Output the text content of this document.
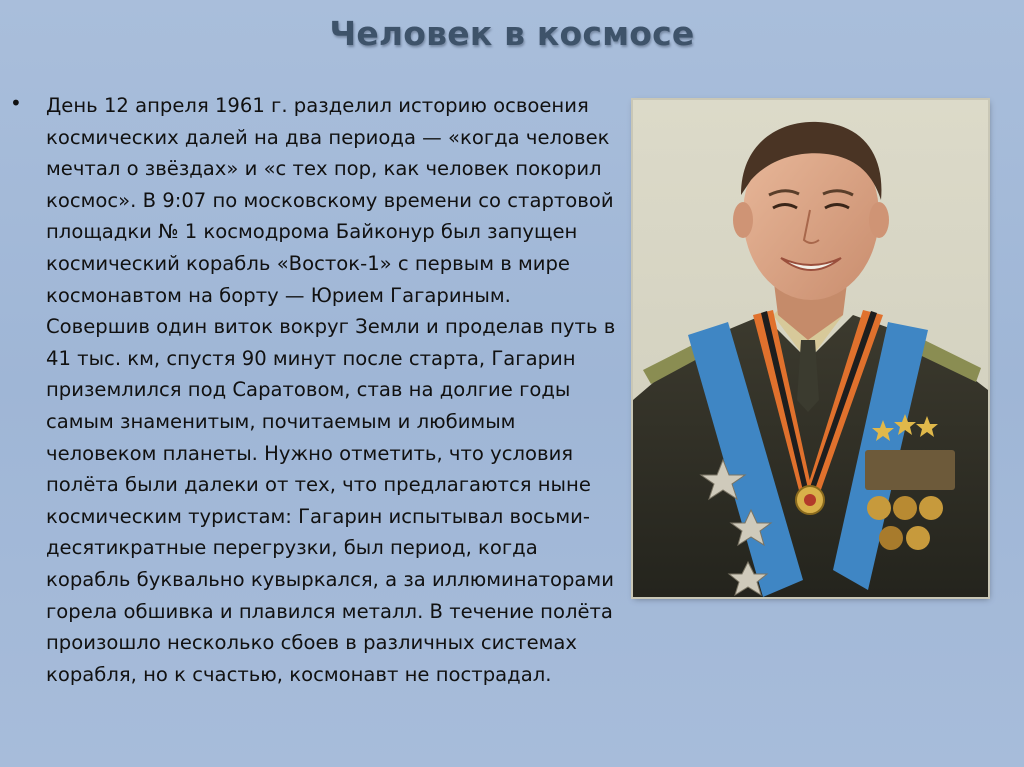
Человек в космосе
• День 12 апреля 1961 г. разделил историю освоения космических далей на два периода — «когда человек мечтал о звёздах» и «с тех пор, как человек покорил космос». В 9:07 по московскому времени со стартовой площадки № 1 космодрома Байконур был запущен космический корабль «Восток-1» с первым в мире космонавтом на борту — Юрием Гагариным. Совершив один виток вокруг Земли и проделав путь в 41 тыс. км, спустя 90 минут после старта, Гагарин приземлился под Саратовом, став на долгие годы самым знаменитым, почитаемым и любимым человеком планеты. Нужно отметить, что условия полёта были далеки от тех, что предлагаются ныне космическим туристам: Гагарин испытывал восьми-десятикратные перегрузки, был период, когда корабль буквально кувыркался, а за иллюминаторами горела обшивка и плавился металл. В течение полёта произошло несколько сбоев в различных системах корабля, но к счастью, космонавт не пострадал.
